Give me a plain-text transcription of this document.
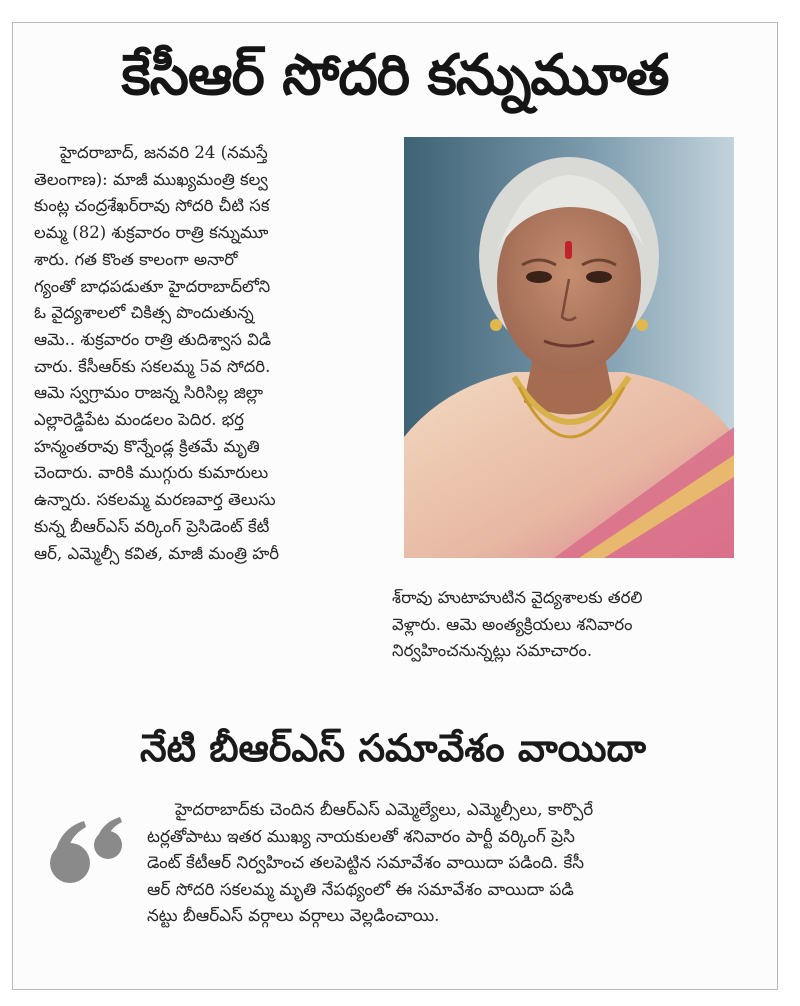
కేసీఆర్ సోదరి కన్నుమూత
హైదరాబాద్, జనవరి 24 (నమస్తే
తెలంగాణ): మాజీ ముఖ్యమంత్రి కల్వ
కుంట్ల చంద్రశేఖర్‌రావు సోదరి చీటి సక
లమ్మ (82) శుక్రవారం రాత్రి కన్నుమూ
శారు. గత కొంత కాలంగా అనారో
గ్యంతో బాధపడుతూ హైదరాబాద్‌లోని
ఓ వైద్యశాలలో చికిత్స పొందుతున్న
ఆమె.. శుక్రవారం రాత్రి తుదిశ్వాస విడి
చారు. కేసీఆర్‌కు సకలమ్మ 5వ సోదరి.
ఆమె స్వగ్రామం రాజన్న సిరిసిల్ల జిల్లా
ఎల్లారెడ్డిపేట మండలం పెదిర. భర్త
హన్మంతరావు కొన్నేండ్ల క్రితమే మృతి
చెందారు. వారికి ముగ్గురు కుమారులు
ఉన్నారు. సకలమ్మ మరణవార్త తెలుసు
కున్న బీఆర్‌ఎస్ వర్కింగ్ ప్రెసిడెంట్ కేటీ
ఆర్, ఎమ్మెల్సీ కవిత, మాజీ మంత్రి హరీ
శ్‌రావు హుటాహుటిన వైద్యశాలకు తరలి
వెళ్లారు. ఆమె అంత్యక్రియలు శనివారం
నిర్వహించనున్నట్లు సమాచారం.
నేటి బీఆర్‌ఎస్ సమావేశం వాయిదా
హైదరాబాద్‌కు చెందిన బీఆర్‌ఎస్ ఎమ్మెల్యేలు, ఎమ్మెల్సీలు, కార్పొరే
టర్లతోపాటు ఇతర ముఖ్య నాయకులతో శనివారం పార్టీ వర్కింగ్ ప్రెసి
డెంట్ కేటీఆర్ నిర్వహించ తలపెట్టిన సమావేశం వాయిదా పడింది. కేసీ
ఆర్ సోదరి సకలమ్మ మృతి నేపథ్యంలో ఈ సమావేశం వాయిదా పడి
నట్టు బీఆర్‌ఎస్ వర్గాలు వర్గాలు వెల్లడించాయి.
